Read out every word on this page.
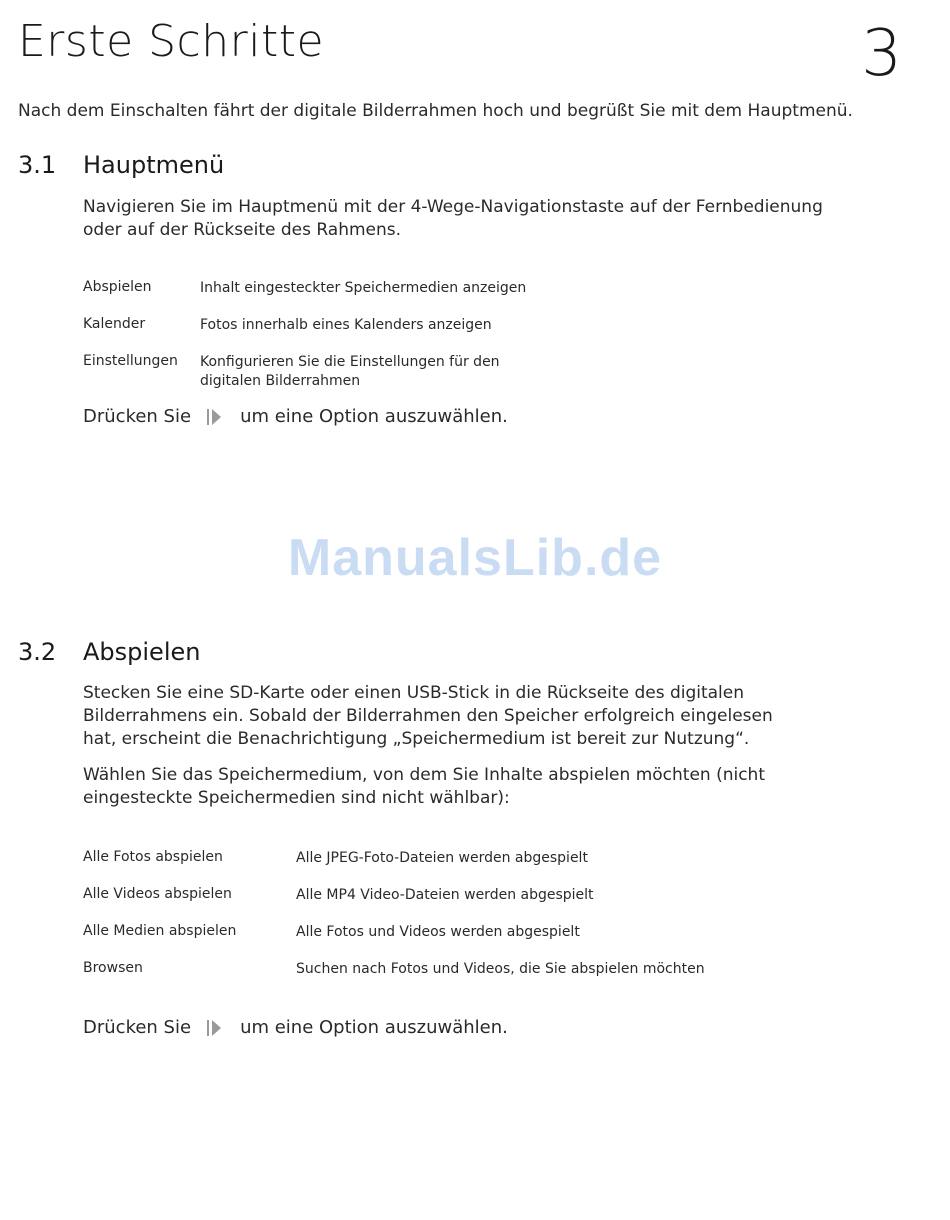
Erste Schritte	3

Nach dem Einschalten fährt der digitale Bilderrahmen hoch und begrüßt Sie mit dem Hauptmenü.

3.1 Hauptmenü

Navigieren Sie im Hauptmenü mit der 4-Wege-Navigationstaste auf der Fernbedienung oder auf der Rückseite des Rahmens.

Abspielen	Inhalt eingesteckter Speichermedien anzeigen
Kalender	Fotos innerhalb eines Kalenders anzeigen
Einstellungen	Konfigurieren Sie die Einstellungen für den digitalen Bilderrahmen
Drücken Sie	um eine Option auszuwählen.
ManualsLib.de
3.2 Abspielen

Stecken Sie eine SD-Karte oder einen USB-Stick in die Rückseite des digitalen Bilderrahmens ein. Sobald der Bilderrahmen den Speicher erfolgreich eingelesen hat, erscheint die Benachrichtigung „Speichermedium ist bereit zur Nutzung“.

Wählen Sie das Speichermedium, von dem Sie Inhalte abspielen möchten (nicht eingesteckte Speichermedien sind nicht wählbar):

Alle Fotos abspielen	Alle JPEG-Foto-Dateien werden abgespielt
Alle Videos abspielen	Alle MP4 Video-Dateien werden abgespielt
Alle Medien abspielen	Alle Fotos und Videos werden abgespielt
Browsen	Suchen nach Fotos und Videos, die Sie abspielen möchten
Drücken Sie	um eine Option auszuwählen.
